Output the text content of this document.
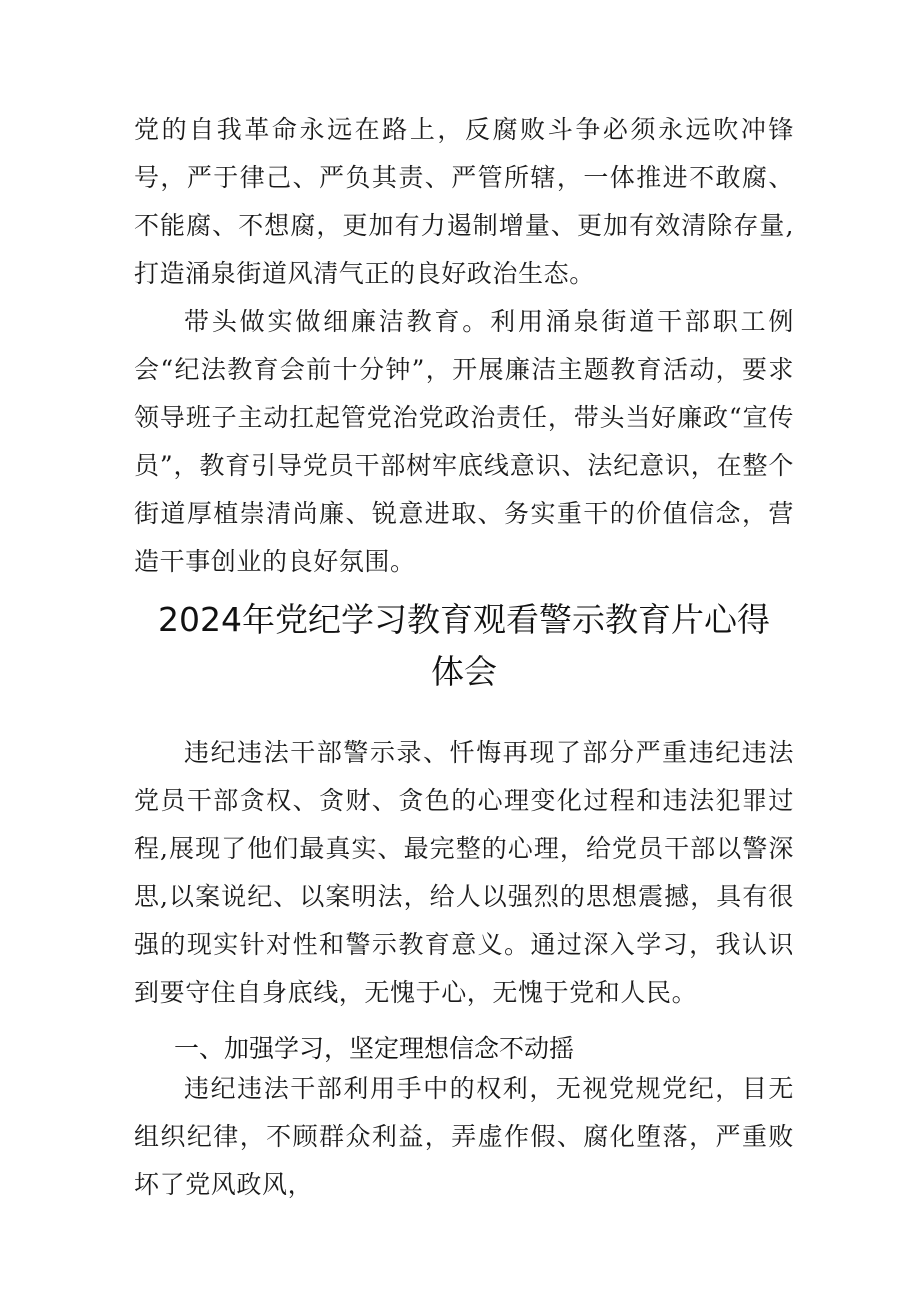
党的自我革命永远在路上，反腐败斗争必须永远吹冲锋号，严于律己、严负其责、严管所辖，一体推进不敢腐、不能腐、不想腐，更加有力遏制增量、更加有效清除存量,打造涌泉街道风清气正的良好政治生态。

带头做实做细廉洁教育。利用涌泉街道干部职工例会“纪法教育会前十分钟”，开展廉洁主题教育活动，要求领导班子主动扛起管党治党政治责任，带头当好廉政“宣传员”，教育引导党员干部树牢底线意识、法纪意识，在整个街道厚植崇清尚廉、锐意进取、务实重干的价值信念，营造干事创业的良好氛围。

2024年党纪学习教育观看警示教育片心得
体会

违纪违法干部警示录、忏悔再现了部分严重违纪违法党员干部贪权、贪财、贪色的心理变化过程和违法犯罪过程,展现了他们最真实、最完整的心理，给党员干部以警深思,以案说纪、以案明法，给人以强烈的思想震撼，具有很强的现实针对性和警示教育意义。通过深入学习，我认识到要守住自身底线，无愧于心，无愧于党和人民。

一、加强学习，坚定理想信念不动摇

违纪违法干部利用手中的权利，无视党规党纪，目无组织纪律，不顾群众利益，弄虚作假、腐化堕落，严重败坏了党风政风，
